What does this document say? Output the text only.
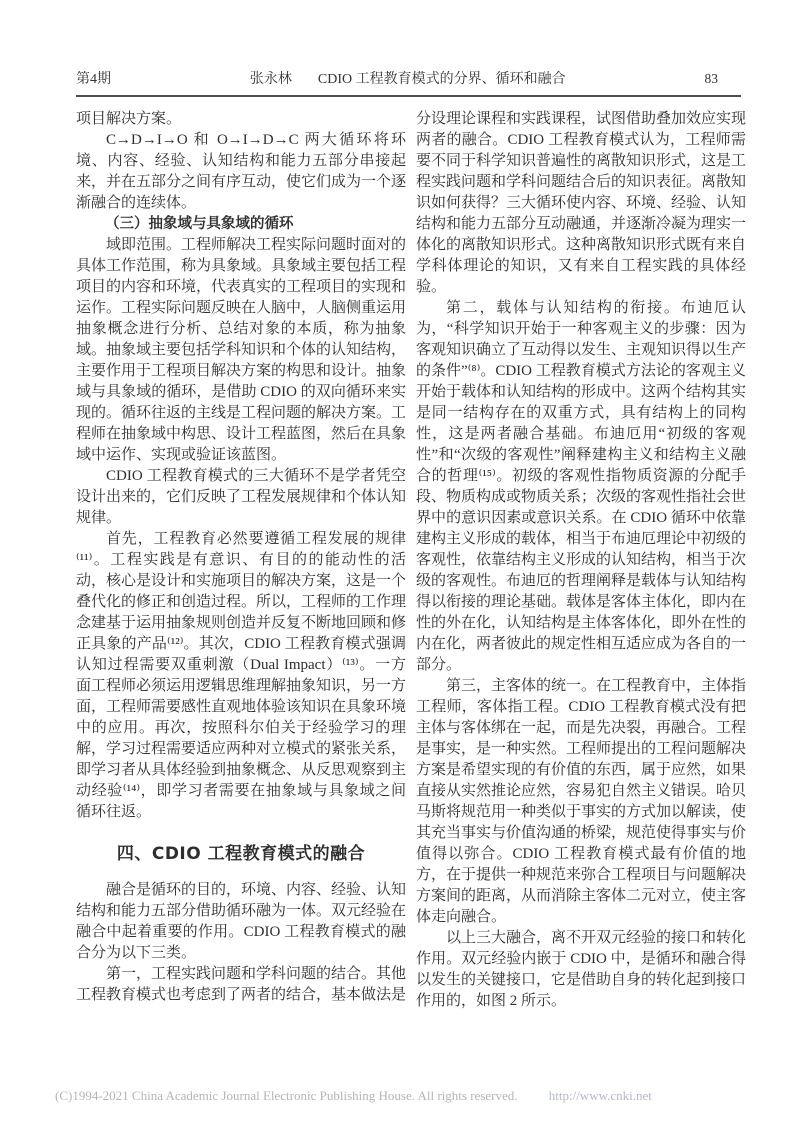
第4期	张永林 CDIO 工程教育模式的分界、循环和融合	83
项目解决方案。
C→D→I→O 和 O→I→D→C 两大循环将环境、内容、经验、认知结构和能力五部分串接起来，并在五部分之间有序互动，使它们成为一个逐渐融合的连续体。
（三）抽象域与具象域的循环
域即范围。工程师解决工程实际问题时面对的具体工作范围，称为具象域。具象域主要包括工程项目的内容和环境，代表真实的工程项目的实现和运作。工程实际问题反映在人脑中，人脑侧重运用抽象概念进行分析、总结对象的本质，称为抽象域。抽象域主要包括学科知识和个体的认知结构，主要作用于工程项目解决方案的构思和设计。抽象域与具象域的循环，是借助 CDIO 的双向循环来实现的。循环往返的主线是工程问题的解决方案。工程师在抽象域中构思、设计工程蓝图，然后在具象域中运作、实现或验证该蓝图。
CDIO 工程教育模式的三大循环不是学者凭空设计出来的，它们反映了工程发展规律和个体认知规律。
首先，工程教育必然要遵循工程发展的规律⁽¹¹⁾。工程实践是有意识、有目的的能动性的活动，核心是设计和实施项目的解决方案，这是一个叠代化的修正和创造过程。所以，工程师的工作理念建基于运用抽象规则创造并反复不断地回顾和修正具象的产品⁽¹²⁾。其次，CDIO 工程教育模式强调认知过程需要双重刺激（Dual Impact）⁽¹³⁾。一方面工程师必须运用逻辑思维理解抽象知识，另一方面，工程师需要感性直观地体验该知识在具象环境中的应用。再次，按照科尔伯关于经验学习的理解，学习过程需要适应两种对立模式的紧张关系，即学习者从具体经验到抽象概念、从反思观察到主动经验⁽¹⁴⁾，即学习者需要在抽象域与具象域之间循环往返。
四、CDIO 工程教育模式的融合
融合是循环的目的，环境、内容、经验、认知结构和能力五部分借助循环融为一体。双元经验在融合中起着重要的作用。CDIO 工程教育模式的融合分为以下三类。
第一，工程实践问题和学科问题的结合。其他工程教育模式也考虑到了两者的结合，基本做法是
分设理论课程和实践课程，试图借助叠加效应实现两者的融合。CDIO 工程教育模式认为，工程师需要不同于科学知识普遍性的离散知识形式，这是工程实践问题和学科问题结合后的知识表征。离散知识如何获得？三大循环使内容、环境、经验、认知结构和能力五部分互动融通，并逐渐冷凝为理实一体化的离散知识形式。这种离散知识形式既有来自学科体理论的知识，又有来自工程实践的具体经验。
第二，载体与认知结构的衔接。布迪厄认为，“科学知识开始于一种客观主义的步骤：因为客观知识确立了互动得以发生、主观知识得以生产的条件”⁽⁸⁾。CDIO 工程教育模式方法论的客观主义开始于载体和认知结构的形成中。这两个结构其实是同一结构存在的双重方式，具有结构上的同构性，这是两者融合基础。布迪厄用“初级的客观性”和“次级的客观性”阐释建构主义和结构主义融合的哲理⁽¹⁵⁾。初级的客观性指物质资源的分配手段、物质构成或物质关系；次级的客观性指社会世界中的意识因素或意识关系。在 CDIO 循环中依靠建构主义形成的载体，相当于布迪厄理论中初级的客观性，依靠结构主义形成的认知结构，相当于次级的客观性。布迪厄的哲理阐释是载体与认知结构得以衔接的理论基础。载体是客体主体化，即内在性的外在化，认知结构是主体客体化，即外在性的内在化，两者彼此的规定性相互适应成为各自的一部分。
第三，主客体的统一。在工程教育中，主体指工程师，客体指工程。CDIO 工程教育模式没有把主体与客体绑在一起，而是先决裂，再融合。工程是事实，是一种实然。工程师提出的工程问题解决方案是希望实现的有价值的东西，属于应然，如果直接从实然推论应然，容易犯自然主义错误。哈贝马斯将规范用一种类似于事实的方式加以解读，使其充当事实与价值沟通的桥梁，规范使得事实与价值得以弥合。CDIO 工程教育模式最有价值的地方，在于提供一种规范来弥合工程项目与问题解决方案间的距离，从而消除主客体二元对立，使主客体走向融合。
以上三大融合，离不开双元经验的接口和转化作用。双元经验内嵌于 CDIO 中，是循环和融合得以发生的关键接口，它是借助自身的转化起到接口作用的，如图 2 所示。
(C)1994-2021 China Academic Journal Electronic Publishing House. All rights reserved. http://www.cnki.net
